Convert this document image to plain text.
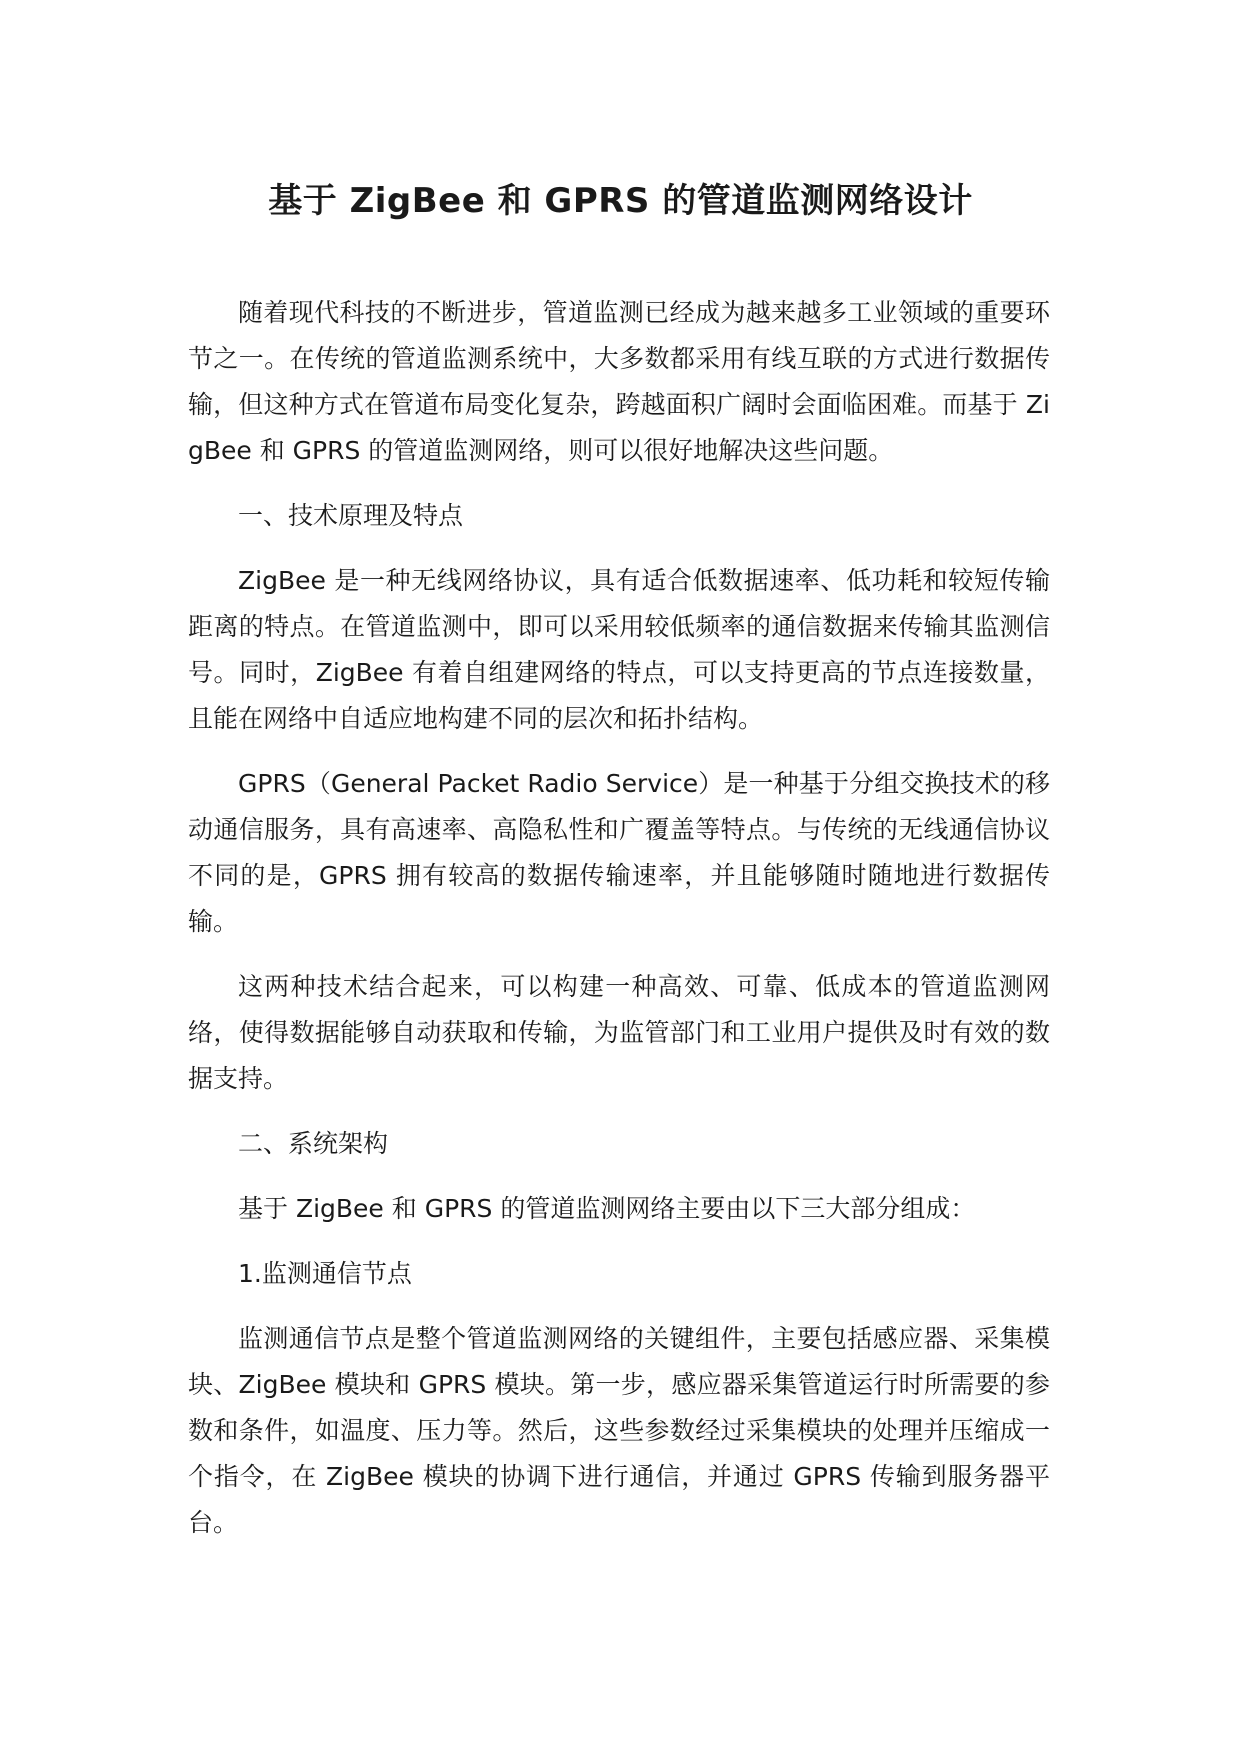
基于 ZigBee 和 GPRS 的管道监测网络设计

随着现代科技的不断进步，管道监测已经成为越来越多工业领域的重要环节之一。在传统的管道监测系统中，大多数都采用有线互联的方式进行数据传输，但这种方式在管道布局变化复杂，跨越面积广阔时会面临困难。而基于 ZigBee 和 GPRS 的管道监测网络，则可以很好地解决这些问题。

一、技术原理及特点

ZigBee 是一种无线网络协议，具有适合低数据速率、低功耗和较短传输距离的特点。在管道监测中，即可以采用较低频率的通信数据来传输其监测信号。同时，ZigBee 有着自组建网络的特点，可以支持更高的节点连接数量，且能在网络中自适应地构建不同的层次和拓扑结构。

GPRS（General Packet Radio Service）是一种基于分组交换技术的移动通信服务，具有高速率、高隐私性和广覆盖等特点。与传统的无线通信协议不同的是，GPRS 拥有较高的数据传输速率，并且能够随时随地进行数据传输。

这两种技术结合起来，可以构建一种高效、可靠、低成本的管道监测网络，使得数据能够自动获取和传输，为监管部门和工业用户提供及时有效的数据支持。

二、系统架构

基于 ZigBee 和 GPRS 的管道监测网络主要由以下三大部分组成：

1.监测通信节点

监测通信节点是整个管道监测网络的关键组件，主要包括感应器、采集模块、ZigBee 模块和 GPRS 模块。第一步，感应器采集管道运行时所需要的参数和条件，如温度、压力等。然后，这些参数经过采集模块的处理并压缩成一个指令，在 ZigBee 模块的协调下进行通信，并通过 GPRS 传输到服务器平台。
